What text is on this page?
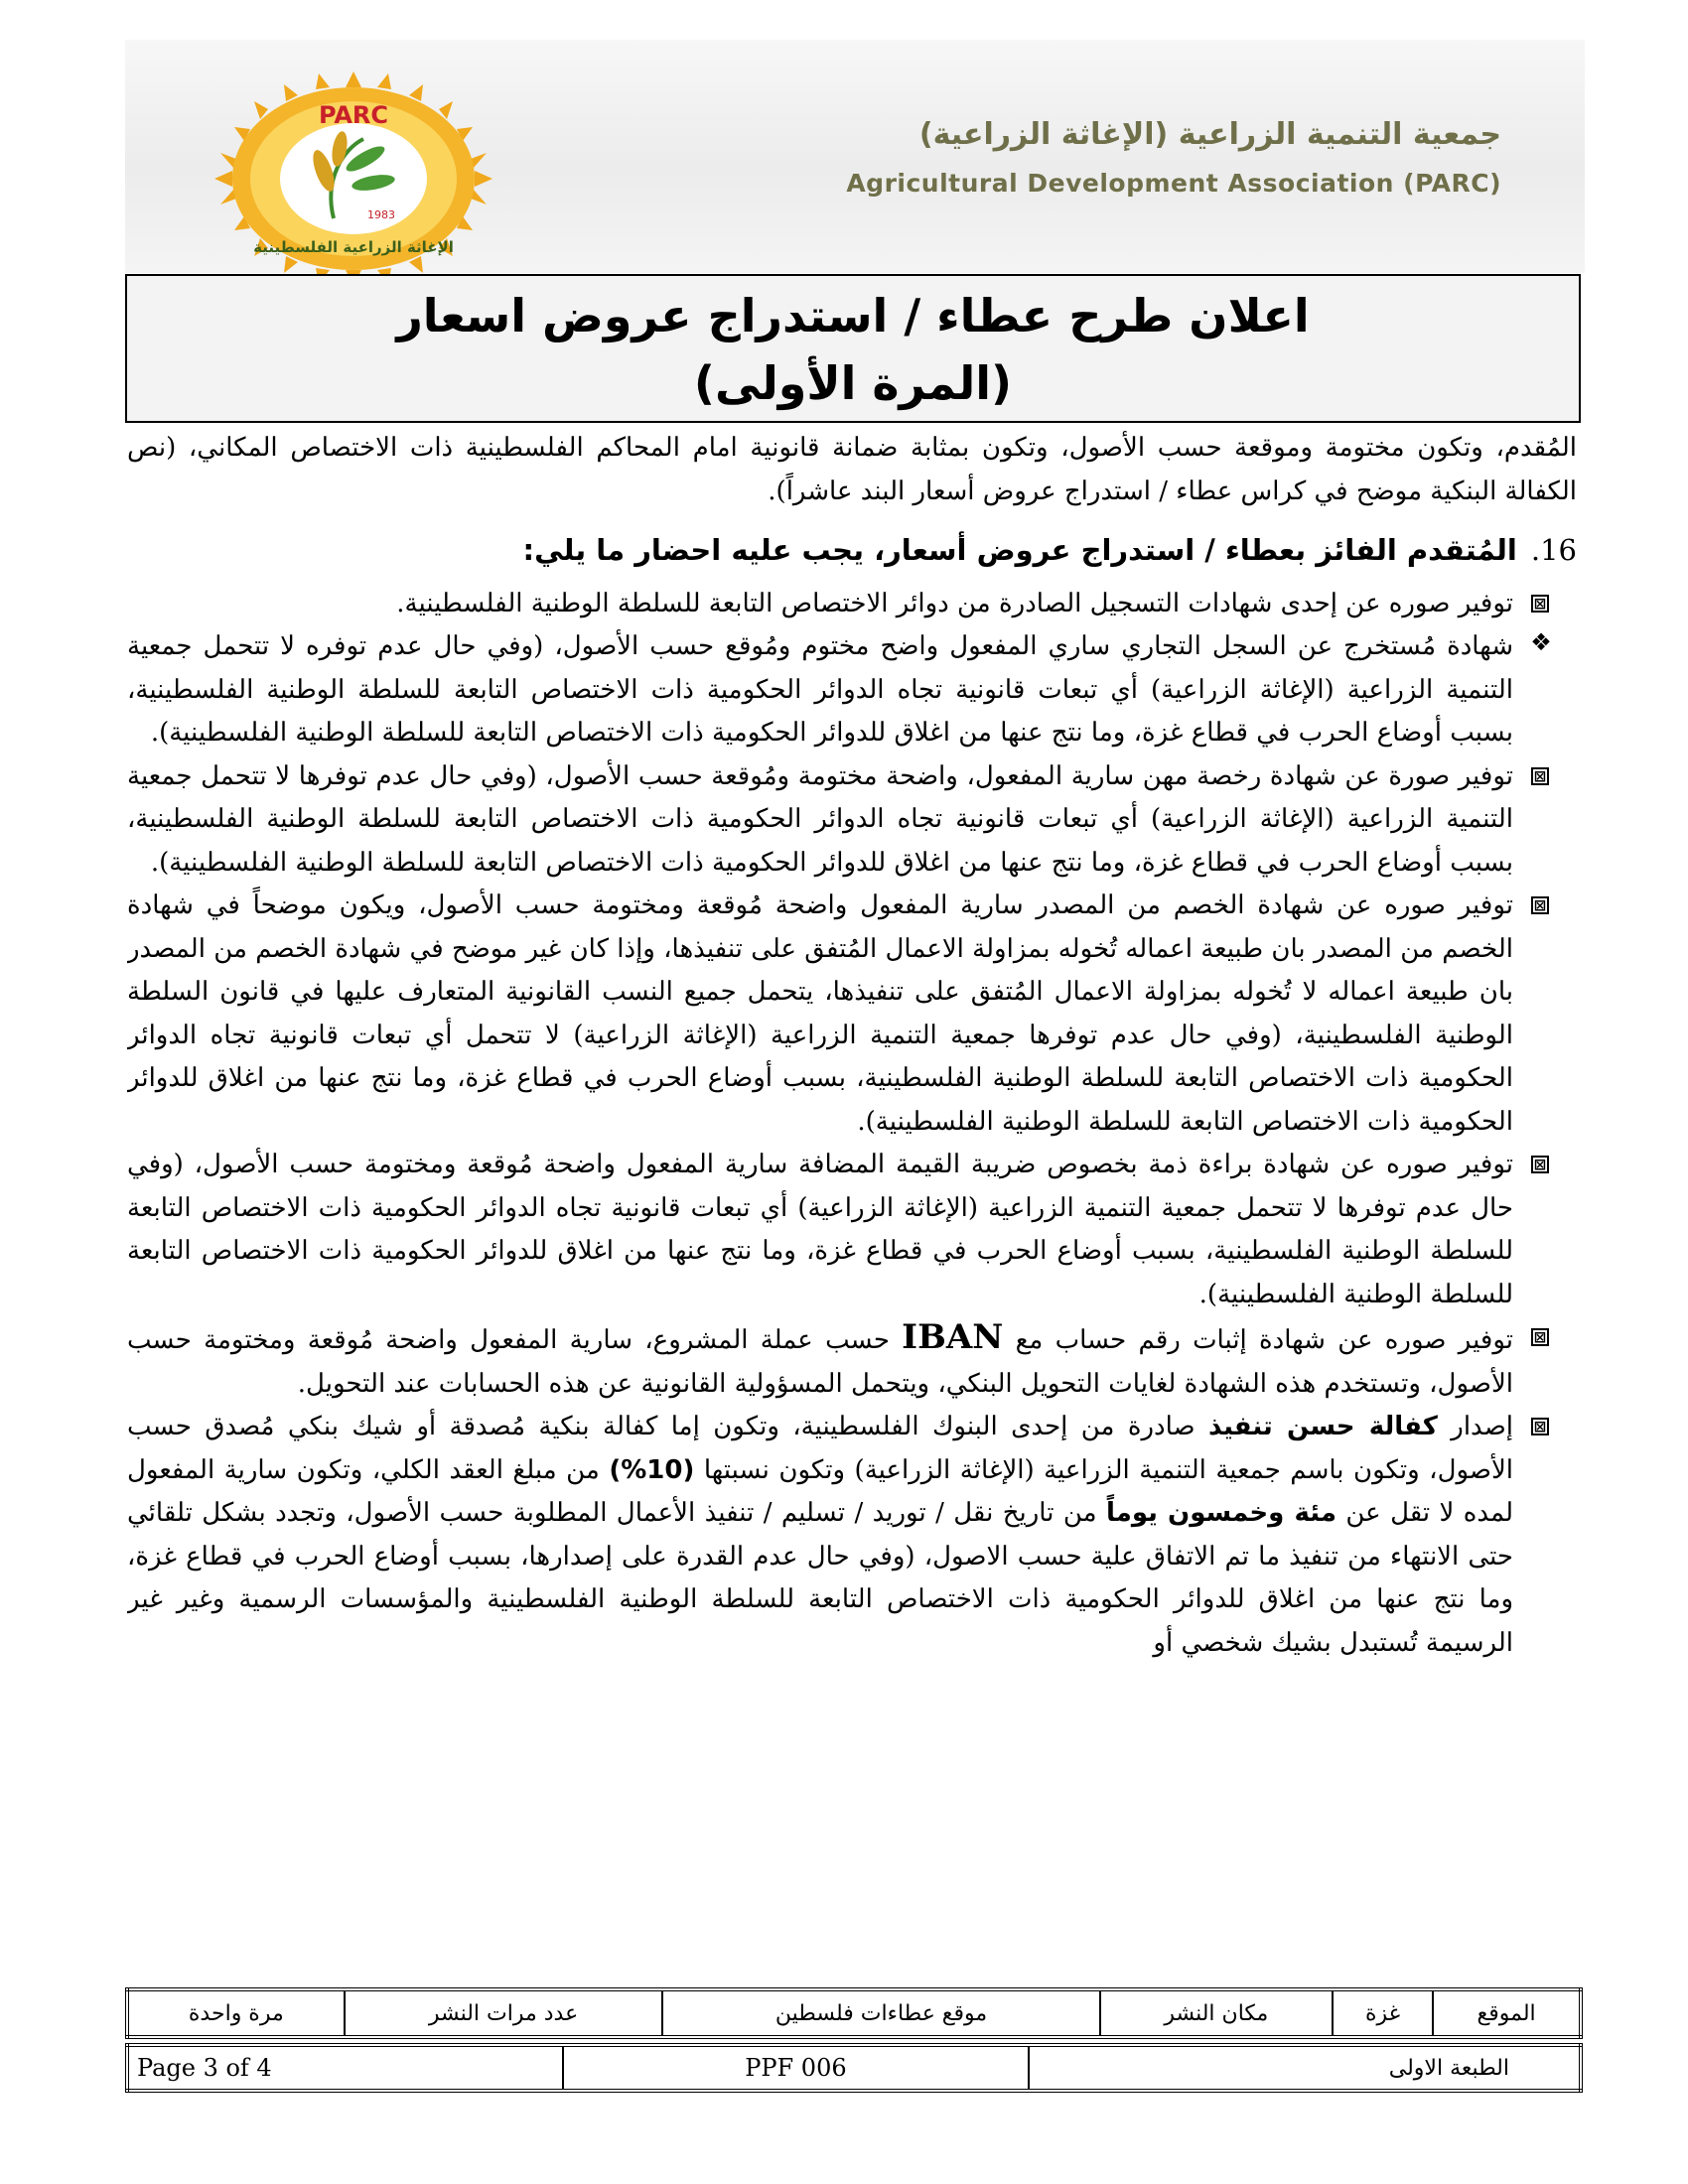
PARC
1983
الإغاثة الزراعية الفلسطينية
جمعية التنمية الزراعية (الإغاثة الزراعية)
Agricultural Development Association (PARC)
اعلان طرح عطاء / استدراج عروض اسعار
(المرة الأولى)

المُقدم، وتكون مختومة وموقعة حسب الأصول، وتكون بمثابة ضمانة قانونية امام المحاكم الفلسطينية ذات الاختصاص المكاني، (نص الكفالة البنكية موضح في كراس عطاء / استدراج عروض أسعار البند عاشراً).

16.المُتقدم الفائز بعطاء / استدراج عروض أسعار، يجب عليه احضار ما يلي:
⊠
توفير صوره عن إحدى شهادات التسجيل الصادرة من دوائر الاختصاص التابعة للسلطة الوطنية الفلسطينية.
❖
شهادة مُستخرج عن السجل التجاري ساري المفعول واضح مختوم ومُوقع حسب الأصول، (وفي حال عدم توفره لا تتحمل جمعية التنمية الزراعية (الإغاثة الزراعية) أي تبعات قانونية تجاه الدوائر الحكومية ذات الاختصاص التابعة للسلطة الوطنية الفلسطينية، بسبب أوضاع الحرب في قطاع غزة، وما نتج عنها من اغلاق للدوائر الحكومية ذات الاختصاص التابعة للسلطة الوطنية الفلسطينية).
⊠
توفير صورة عن شهادة رخصة مهن سارية المفعول، واضحة مختومة ومُوقعة حسب الأصول، (وفي حال عدم توفرها لا تتحمل جمعية التنمية الزراعية (الإغاثة الزراعية) أي تبعات قانونية تجاه الدوائر الحكومية ذات الاختصاص التابعة للسلطة الوطنية الفلسطينية، بسبب أوضاع الحرب في قطاع غزة، وما نتج عنها من اغلاق للدوائر الحكومية ذات الاختصاص التابعة للسلطة الوطنية الفلسطينية).
⊠
توفير صوره عن شهادة الخصم من المصدر سارية المفعول واضحة مُوقعة ومختومة حسب الأصول، ويكون موضحاً في شهادة الخصم من المصدر بان طبيعة اعماله تُخوله بمزاولة الاعمال المُتفق على تنفيذها، وإذا كان غير موضح في شهادة الخصم من المصدر بان طبيعة اعماله لا تُخوله بمزاولة الاعمال المُتفق على تنفيذها، يتحمل جميع النسب القانونية المتعارف عليها في قانون السلطة الوطنية الفلسطينية، (وفي حال عدم توفرها جمعية التنمية الزراعية (الإغاثة الزراعية) لا تتحمل أي تبعات قانونية تجاه الدوائر الحكومية ذات الاختصاص التابعة للسلطة الوطنية الفلسطينية، بسبب أوضاع الحرب في قطاع غزة، وما نتج عنها من اغلاق للدوائر الحكومية ذات الاختصاص التابعة للسلطة الوطنية الفلسطينية).
⊠
توفير صوره عن شهادة براءة ذمة بخصوص ضريبة القيمة المضافة سارية المفعول واضحة مُوقعة ومختومة حسب الأصول، (وفي حال عدم توفرها لا تتحمل جمعية التنمية الزراعية (الإغاثة الزراعية) أي تبعات قانونية تجاه الدوائر الحكومية ذات الاختصاص التابعة للسلطة الوطنية الفلسطينية، بسبب أوضاع الحرب في قطاع غزة، وما نتج عنها من اغلاق للدوائر الحكومية ذات الاختصاص التابعة للسلطة الوطنية الفلسطينية).
⊠
توفير صوره عن شهادة إثبات رقم حساب مع IBAN حسب عملة المشروع، سارية المفعول واضحة مُوقعة ومختومة حسب الأصول، وتستخدم هذه الشهادة لغايات التحويل البنكي، ويتحمل المسؤولية القانونية عن هذه الحسابات عند التحويل.
⊠
إصدار كفالة حسن تنفيذ صادرة من إحدى البنوك الفلسطينية، وتكون إما كفالة بنكية مُصدقة أو شيك بنكي مُصدق حسب الأصول، وتكون باسم جمعية التنمية الزراعية (الإغاثة الزراعية) وتكون نسبتها (10%) من مبلغ العقد الكلي، وتكون سارية المفعول لمده لا تقل عن مئة وخمسون يوماً من تاريخ نقل / توريد / تسليم / تنفيذ الأعمال المطلوبة حسب الأصول، وتجدد بشكل تلقائي حتى الانتهاء من تنفيذ ما تم الاتفاق علية حسب الاصول، (وفي حال عدم القدرة على إصدارها، بسبب أوضاع الحرب في قطاع غزة، وما نتج عنها من اغلاق للدوائر الحكومية ذات الاختصاص التابعة للسلطة الوطنية الفلسطينية والمؤسسات الرسمية وغير غير الرسيمة تُستبدل بشيك شخصي أو
مرة واحدة	عدد مرات النشر	موقع عطاءات فلسطين	مكان النشر	غزة	الموقع
Page 3 of 4	PPF 006	الطبعة الاولى
